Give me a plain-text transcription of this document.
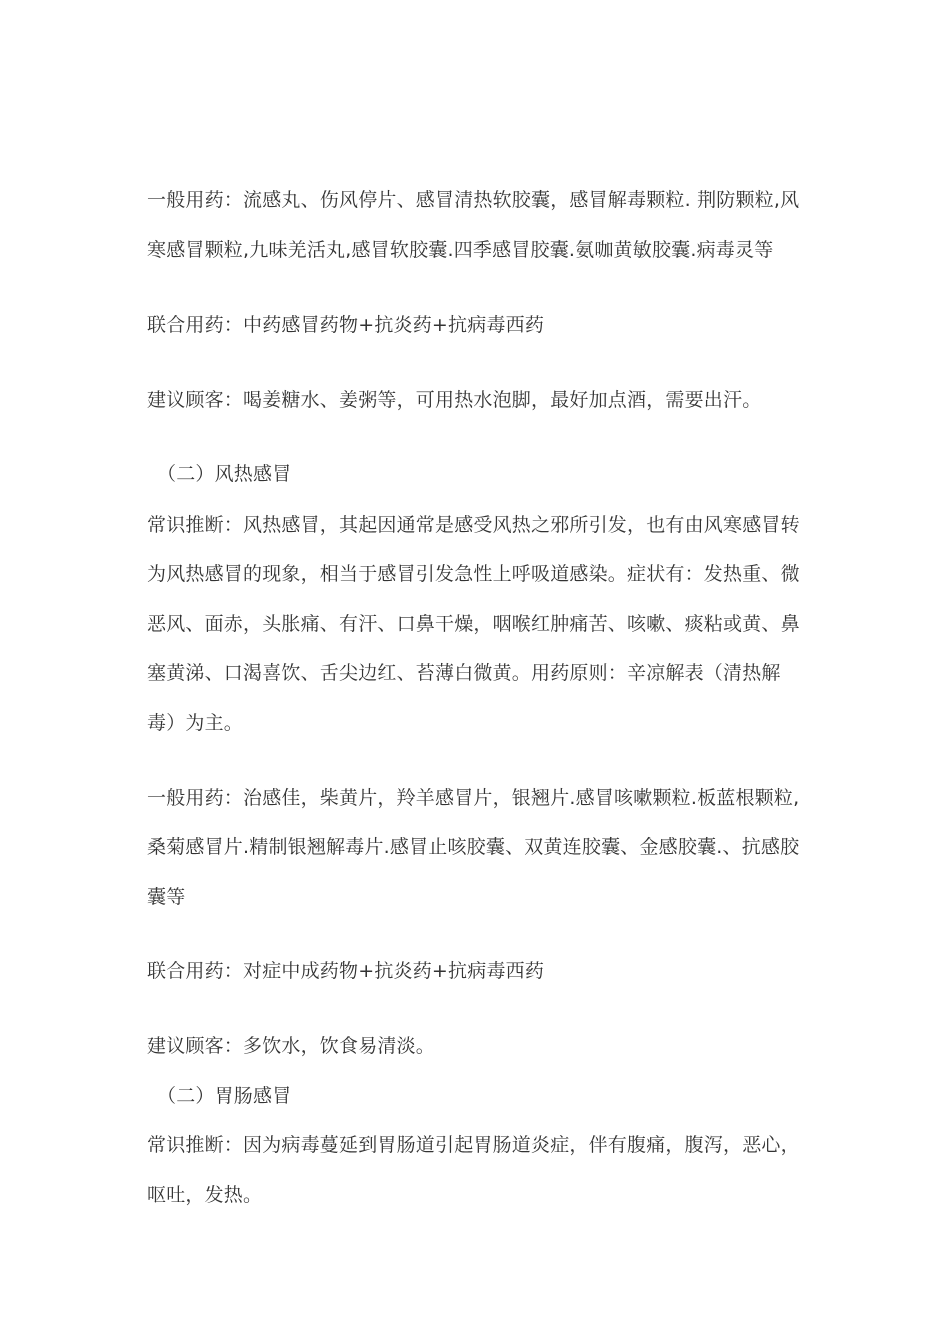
一般用药：流感丸、伤风停片、感冒清热软胶囊，感冒解毒颗粒. 荆防颗粒,风
寒感冒颗粒,九味羌活丸,感冒软胶囊.四季感冒胶囊.氨咖黄敏胶囊.病毒灵等
联合用药：中药感冒药物+抗炎药+抗病毒西药
建议顾客：喝姜糖水、姜粥等，可用热水泡脚，最好加点酒，需要出汗。
（二）风热感冒
常识推断：风热感冒，其起因通常是感受风热之邪所引发，也有由风寒感冒转
为风热感冒的现象，相当于感冒引发急性上呼吸道感染。症状有：发热重、微
恶风、面赤，头胀痛、有汗、口鼻干燥，咽喉红肿痛苦、咳嗽、痰粘或黄、鼻
塞黄涕、口渴喜饮、舌尖边红、苔薄白微黄。用药原则：辛凉解表（清热解
毒）为主。
一般用药：治感佳，柴黄片，羚羊感冒片，银翘片.感冒咳嗽颗粒.板蓝根颗粒,
桑菊感冒片.精制银翘解毒片.感冒止咳胶囊、双黄连胶囊、金感胶囊.、抗感胶
囊等
联合用药：对症中成药物+抗炎药+抗病毒西药
建议顾客：多饮水，饮食易清淡。
（二）胃肠感冒
常识推断：因为病毒蔓延到胃肠道引起胃肠道炎症，伴有腹痛，腹泻，恶心，
呕吐，发热。
